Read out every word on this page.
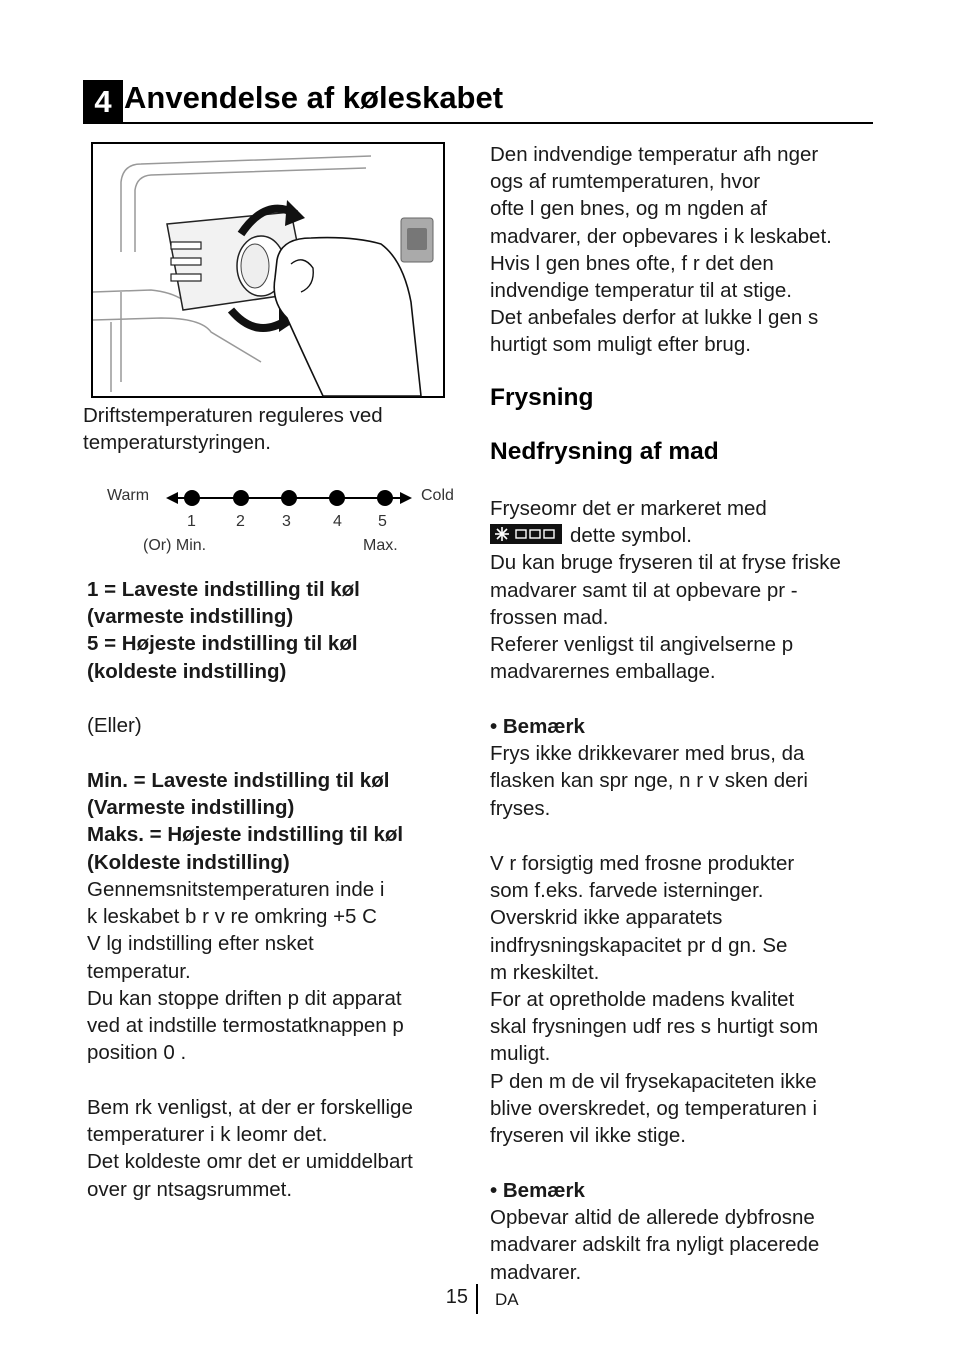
4 Anvendelse af køleskabet

Driftstemperaturen reguleres ved

temperaturstyringen.

Warm	Cold
1	2 3	4 5
(Or) Min.	Max.

1 = Laveste indstilling til køl

(varmeste indstilling)

5 = Højeste indstilling til køl

(koldeste indstilling)

(Eller)

Min. = Laveste indstilling til køl

(Varmeste indstilling)

Maks. = Højeste indstilling til køl

(Koldeste indstilling)

Gennemsnitstemperaturen inde i

k leskabet b r v re omkring +5 C

V lg indstilling efter nsket

temperatur.

Du kan stoppe driften p dit apparat

ved at indstille termostatknappen p

position 0 .

Bem rk venligst, at der er forskellige

temperaturer i k leomr det.

Det koldeste omr det er umiddelbart

over gr ntsagsrummet.

Den indvendige temperatur afh nger

ogs af rumtemperaturen, hvor

ofte l gen bnes, og m ngden af

madvarer, der opbevares i k leskabet.

Hvis l gen bnes ofte, f r det den

indvendige temperatur til at stige.

Det anbefales derfor at lukke l gen s

hurtigt som muligt efter brug.

Frysning
Nedfrysning af mad

Fryseomr det er markeret med

dette symbol.

Du kan bruge fryseren til at fryse friske

madvarer samt til at opbevare pr -

frossen mad.

Referer venligst til angivelserne p

madvarernes emballage.

• Bemærk

Frys ikke drikkevarer med brus, da

flasken kan spr nge, n r v sken deri

fryses.

V r forsigtig med frosne produkter

som f.eks. farvede isterninger.

Overskrid ikke apparatets

indfrysningskapacitet pr d gn. Se

m rkeskiltet.

For at opretholde madens kvalitet

skal frysningen udf res s hurtigt som

muligt.

P den m de vil frysekapaciteten ikke

blive overskredet, og temperaturen i

fryseren vil ikke stige.

• Bemærk

Opbevar altid de allerede dybfrosne

madvarer adskilt fra nyligt placerede

madvarer.

15 DA
